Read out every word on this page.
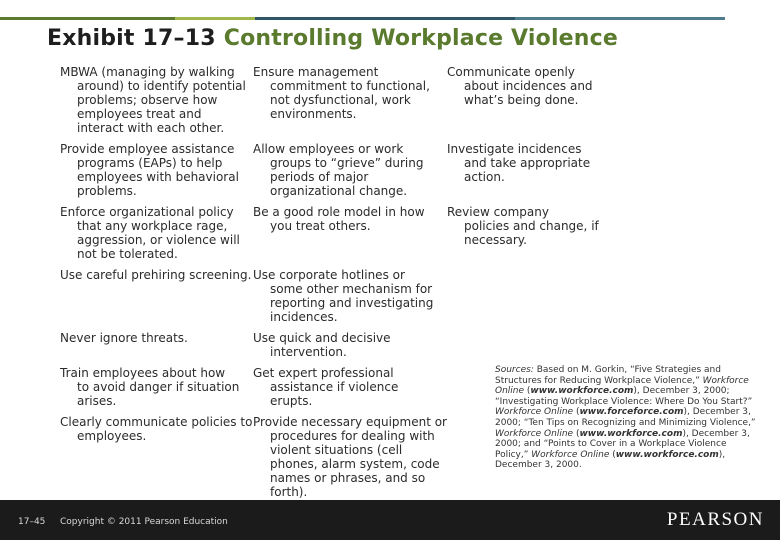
Exhibit 17–13 Controlling Workplace Violence
MBWA (managing by walking
around) to identify potential problems; observe how employees treat and interact with each other.
Provide employee assistance
programs (EAPs) to help employees with behavioral problems.
Enforce organizational policy
that any workplace rage, aggression, or violence will not be tolerated.
Use careful prehiring screening.
Never ignore threats.
Train employees about how
to avoid danger if situation arises.
Clearly communicate policies to
employees.
Ensure management
commitment to functional, not dysfunctional, work environments.
Allow employees or work
groups to “grieve” during periods of major organizational change.
Be a good role model in how
you treat others.
Use corporate hotlines or
some other mechanism for reporting and investigating incidences.
Use quick and decisive
intervention.
Get expert professional
assistance if violence erupts.
Provide necessary equipment or
procedures for dealing with violent situations (cell phones, alarm system, code names or phrases, and so forth).
Communicate openly
about incidences and what’s being done.
Investigate incidences
and take appropriate action.
Review company
policies and change, if necessary.
Sources: Based on M. Gorkin, “Five Strategies and Structures for Reducing Workplace Violence,” Workforce Online (www.workforce.com), December 3, 2000; “Investigating Workplace Violence: Where Do You Start?” Workforce Online (www.forceforce.com), December 3, 2000; “Ten Tips on Recognizing and Minimizing Violence,” Workforce Online (www.workforce.com), December 3, 2000; and “Points to Cover in a Workplace Violence Policy,” Workforce Online (www.workforce.com), December 3, 2000.
17–45 Copyright © 2011 Pearson Education	PEARSON
